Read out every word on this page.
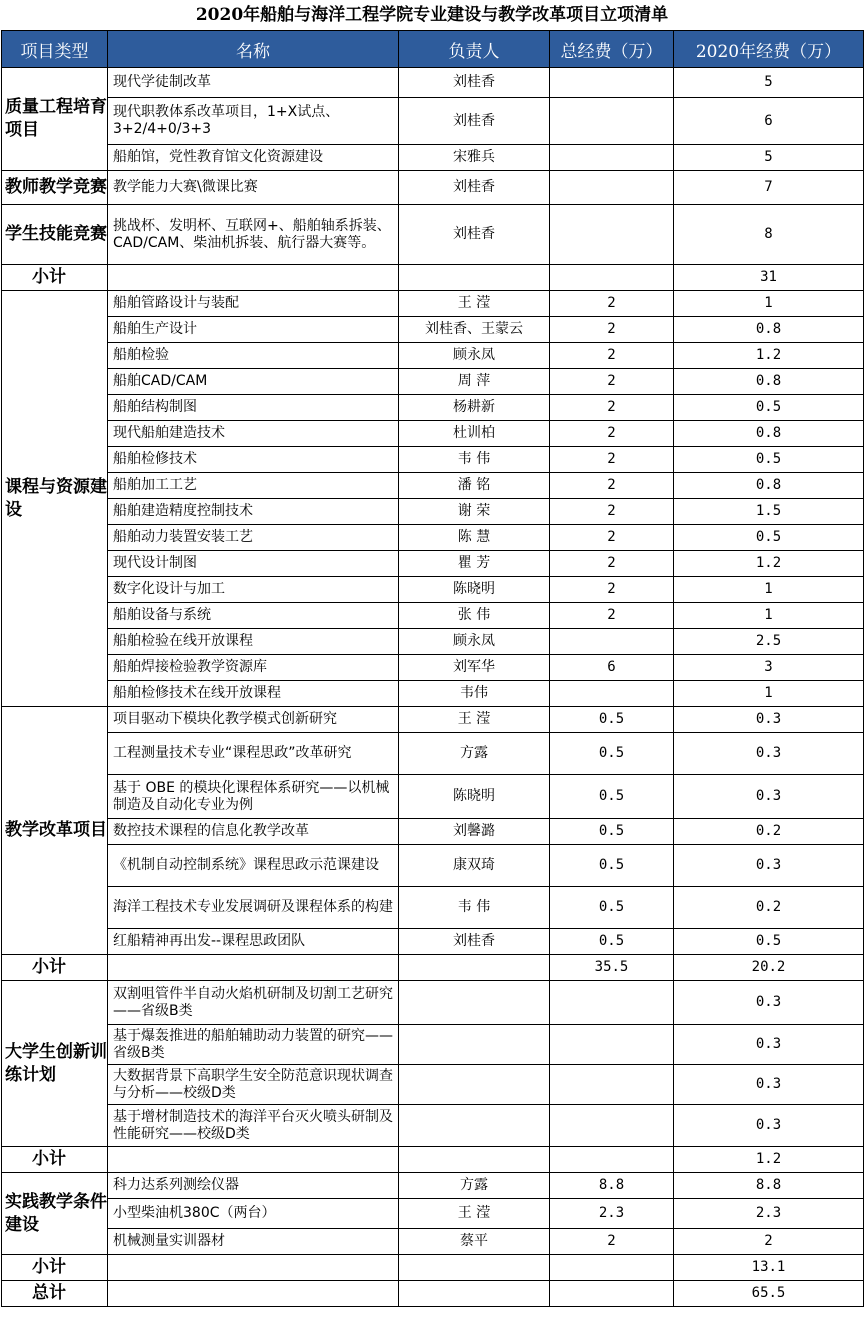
2020年船舶与海洋工程学院专业建设与教学改革项目立项清单
项目类型	名称	负责人	总经费（万）	2020年经费（万）
质量工程培育项目	现代学徒制改革	刘桂香		5
	现代职教体系改革项目，1+X试点、3+2/4+0/3+3	刘桂香		6
	船舶馆，党性教育馆文化资源建设	宋雅兵		5
教师教学竞赛	教学能力大赛\微课比赛	刘桂香		7
学生技能竞赛	挑战杯、发明杯、互联网+、船舶轴系拆装、CAD/CAM、柴油机拆装、航行器大赛等。	刘桂香		8
小计				31
课程与资源建设	船舶管路设计与装配	王 滢	2	1
	船舶生产设计	刘桂香、王蒙云	2	0.8
	船舶检验	顾永凤	2	1.2
	船舶CAD/CAM	周 萍	2	0.8
	船舶结构制图	杨耕新	2	0.5
	现代船舶建造技术	杜训柏	2	0.8
	船舶检修技术	韦 伟	2	0.5
	船舶加工工艺	潘 铭	2	0.8
	船舶建造精度控制技术	谢 荣	2	1.5
	船舶动力装置安装工艺	陈 慧	2	0.5
	现代设计制图	瞿 芳	2	1.2
	数字化设计与加工	陈晓明	2	1
	船舶设备与系统	张 伟	2	1
	船舶检验在线开放课程	顾永凤		2.5
	船舶焊接检验教学资源库	刘军华	6	3
	船舶检修技术在线开放课程	韦伟		1
教学改革项目	项目驱动下模块化教学模式创新研究	王 滢	0.5	0.3
	工程测量技术专业“课程思政”改革研究	方露	0.5	0.3
	基于 OBE 的模块化课程体系研究——以机械制造及自动化专业为例	陈晓明	0.5	0.3
	数控技术课程的信息化教学改革	刘馨潞	0.5	0.2
	《机制自动控制系统》课程思政示范课建设	康双琦	0.5	0.3
	海洋工程技术专业发展调研及课程体系的构建	韦 伟	0.5	0.2
	红船精神再出发--课程思政团队	刘桂香	0.5	0.5
小计			35.5	20.2
大学生创新训练计划	双割咀管件半自动火焰机研制及切割工艺研究——省级B类			0.3
	基于爆轰推进的船舶辅助动力装置的研究——省级B类			0.3
	大数据背景下高职学生安全防范意识现状调查与分析——校级D类			0.3
	基于增材制造技术的海洋平台灭火喷头研制及性能研究——校级D类			0.3
小计				1.2
实践教学条件建设	科力达系列测绘仪器	方露	8.8	8.8
	小型柴油机380C（两台）	王 滢	2.3	2.3
	机械测量实训器材	蔡平	2	2
小计				13.1
总计				65.5
